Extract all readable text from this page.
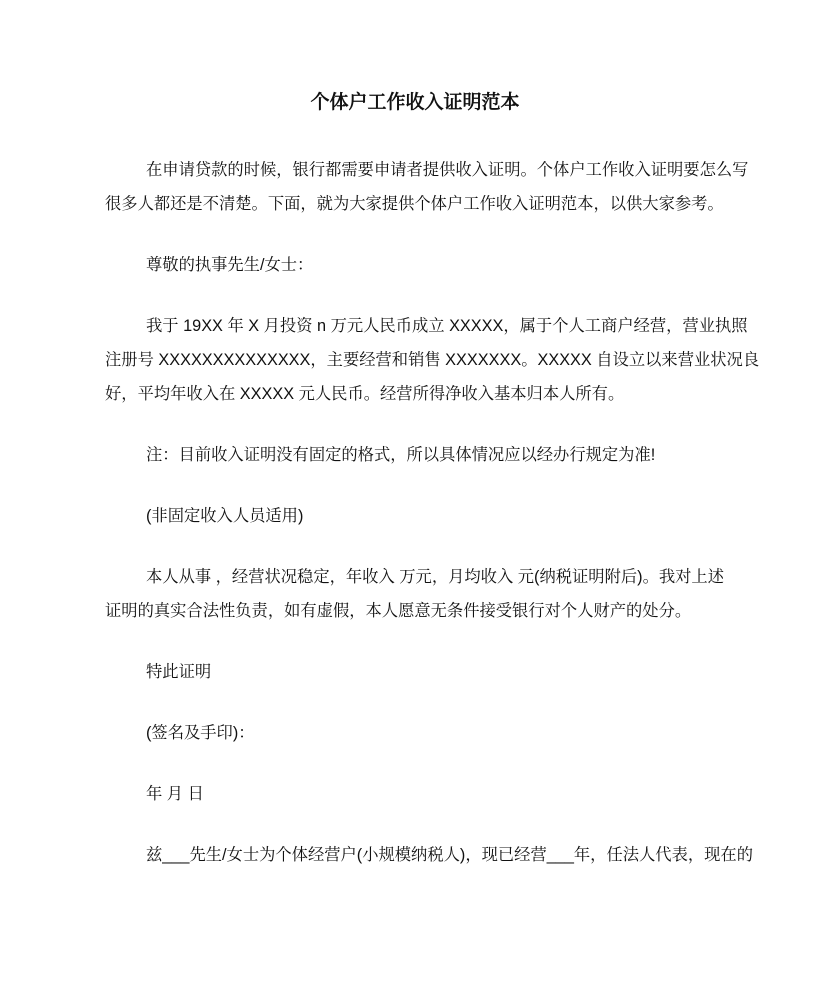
个体户工作收入证明范本
在申请贷款的时候，银行都需要申请者提供收入证明。个体户工作收入证明要怎么写
很多人都还是不清楚。下面，就为大家提供个体户工作收入证明范本，以供大家参考。
尊敬的执事先生/女士：
我于 19XX 年 X 月投资 n 万元人民币成立 XXXXX，属于个人工商户经营，营业执照
注册号 XXXXXXXXXXXXXX，主要经营和销售 XXXXXXX。XXXXX 自设立以来营业状况良
好，平均年收入在 XXXXX 元人民币。经营所得净收入基本归本人所有。
注：目前收入证明没有固定的格式，所以具体情况应以经办行规定为准!
(非固定收入人员适用)
本人从事 ，经营状况稳定，年收入 万元，月均收入 元(纳税证明附后)。我对上述
证明的真实合法性负责，如有虚假，本人愿意无条件接受银行对个人财产的处分。
特此证明
(签名及手印)：
年 月 日
兹___先生/女士为个体经营户(小规模纳税人)，现已经营___年，任法人代表，现在的
